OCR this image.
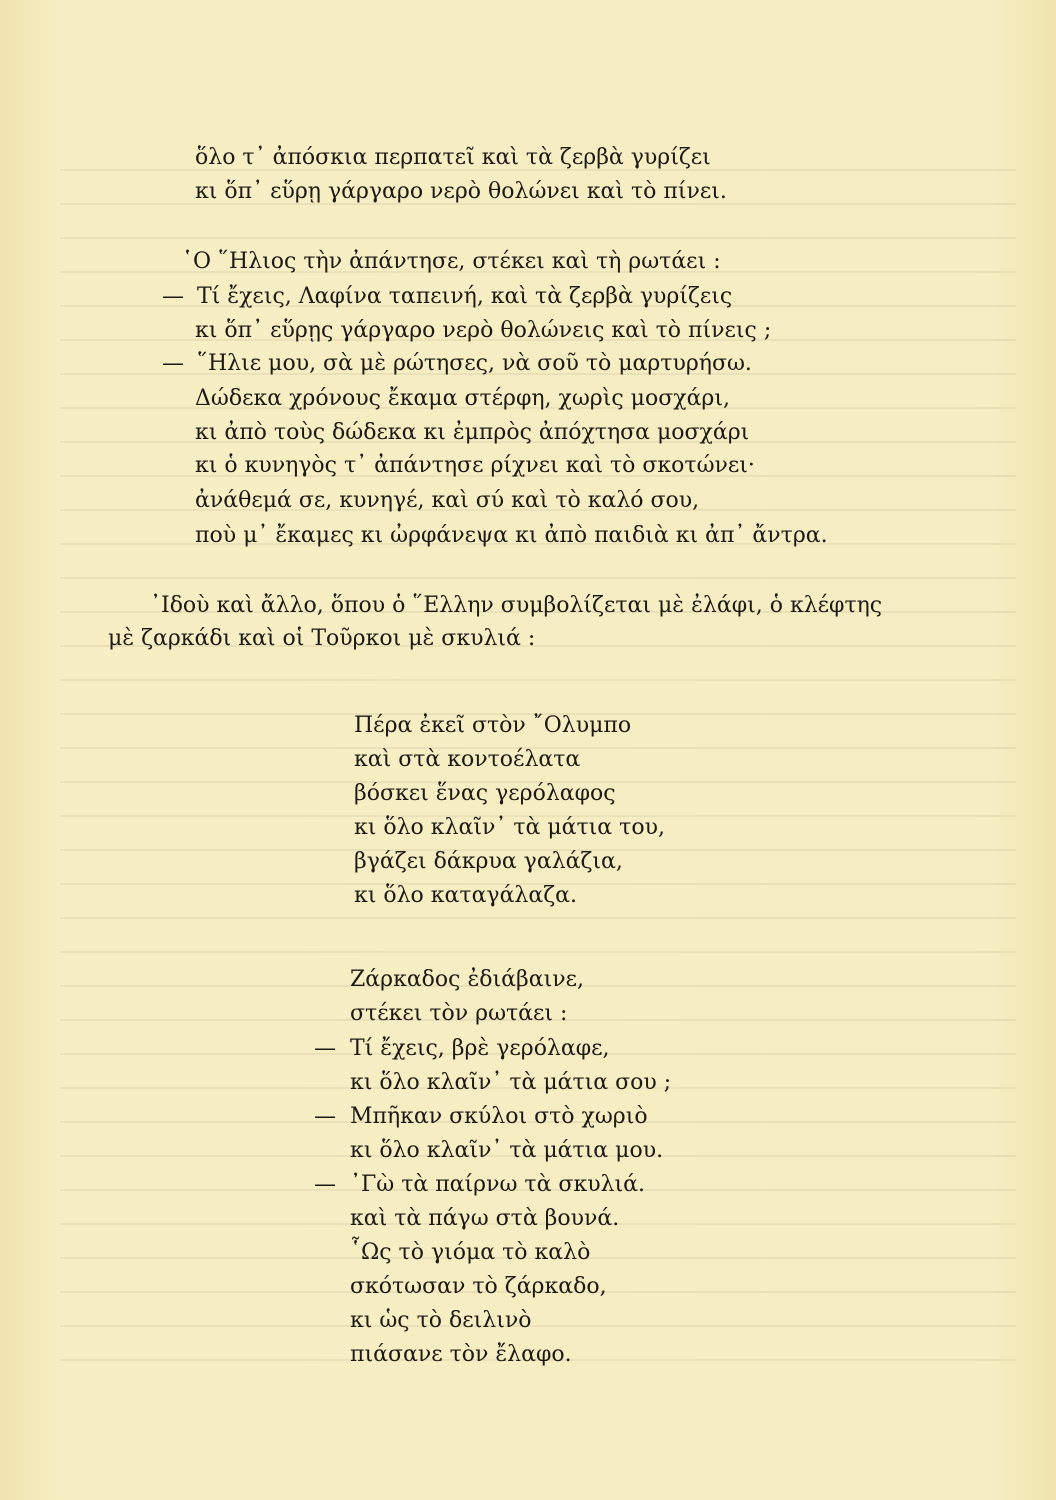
ὅλο τ᾽ ἀπόσκια περπατεῖ καὶ τὰ ζερβὰ γυρίζει
κι ὅπ᾽ εὕρῃ γάργαρο νερὸ θολώνει καὶ τὸ πίνει.
῾Ο ῞Ηλιος τὴν ἀπάντησε, στέκει καὶ τὴ ρωτάει :
— Τί ἔχεις, Λαφίνα ταπεινή, καὶ τὰ ζερβὰ γυρίζεις
κι ὅπ᾽ εὕρῃς γάργαρο νερὸ θολώνεις καὶ τὸ πίνεις ;
— ῞Ηλιε μου, σὰ μὲ ρώτησες, νὰ σοῦ τὸ μαρτυρήσω.
Δώδεκα χρόνους ἔκαμα στέρφη, χωρὶς μοσχάρι,
κι ἀπὸ τοὺς δώδεκα κι ἐμπρὸς ἀπόχτησα μοσχάρι
κι ὁ κυνηγὸς τ᾽ ἀπάντησε ρίχνει καὶ τὸ σκοτώνει·
ἀνάθεμά σε, κυνηγέ, καὶ σύ καὶ τὸ καλό σου,
ποὺ μ᾽ ἔκαμες κι ὠρφάνεψα κι ἀπὸ παιδιὰ κι ἀπ᾽ ἄντρα.
᾽Ιδοὺ καὶ ἄλλο, ὅπου ὁ ῞Ελλην συμβολίζεται μὲ ἐλάφι, ὁ κλέφτης
μὲ ζαρκάδι καὶ οἱ Τοῦρκοι μὲ σκυλιά :
Πέρα ἐκεῖ στὸν ῎Ολυμπο
καὶ στὰ κοντοέλατα
βόσκει ἕνας γερόλαφος
κι ὅλο κλαῖν᾽ τὰ μάτια του,
βγάζει δάκρυα γαλάζια,
κι ὅλο καταγάλαζα.
Ζάρκαδος ἐδιάβαινε,
στέκει τὸν ρωτάει :
— Τί ἔχεις, βρὲ γερόλαφε,
κι ὅλο κλαῖν᾽ τὰ μάτια σου ;
— Μπῆκαν σκύλοι στὸ χωριὸ
κι ὅλο κλαῖν᾽ τὰ μάτια μου.
— ᾽Γὼ τὰ παίρνω τὰ σκυλιά.
καὶ τὰ πάγω στὰ βουνά.
῟Ως τὸ γιόμα τὸ καλὸ
σκότωσαν τὸ ζάρκαδο,
κι ὡς τὸ δειλινὸ
πιάσανε τὸν ἔλαφο.
